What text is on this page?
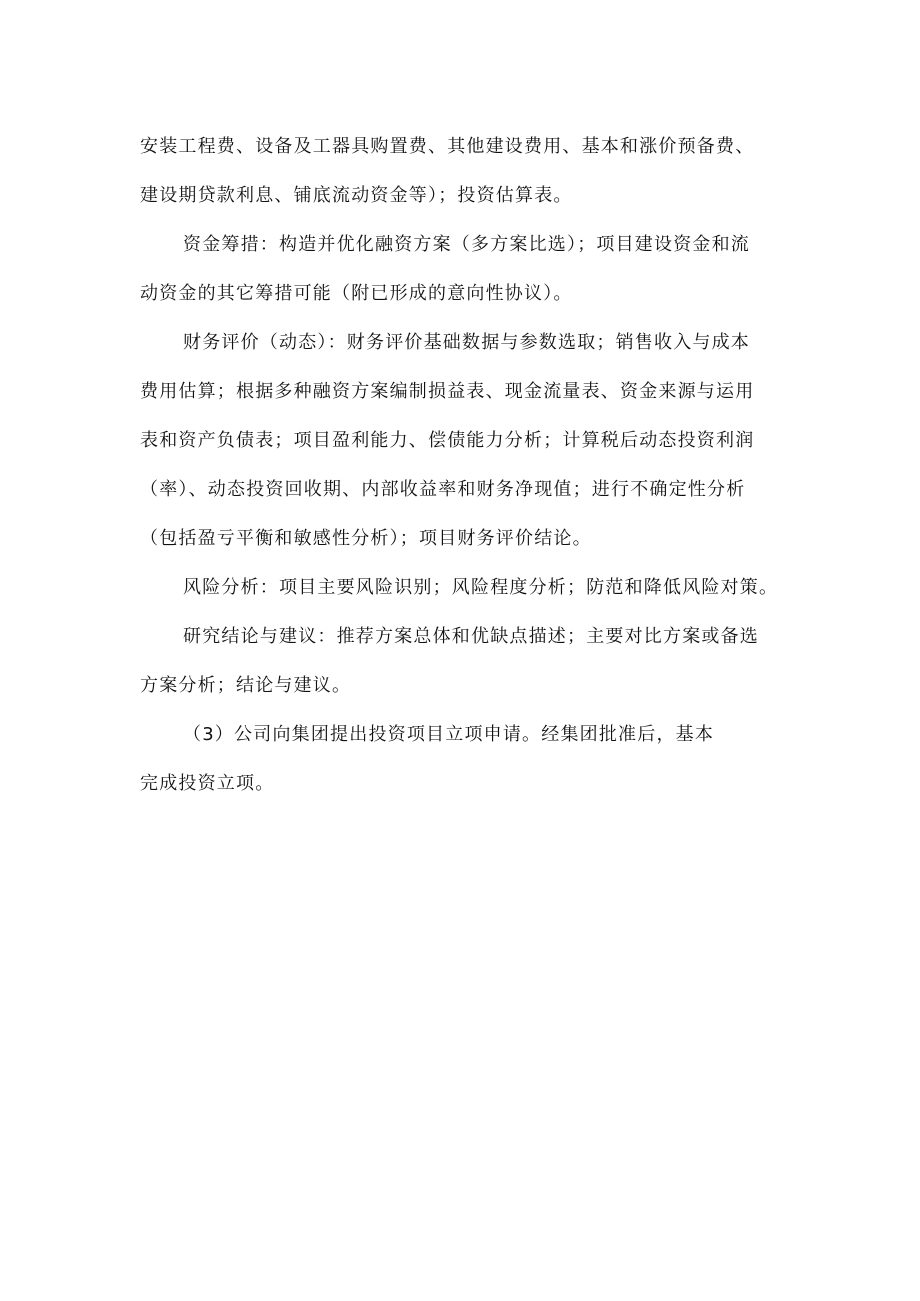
安装工程费、设备及工器具购置费、其他建设费用、基本和涨价预备费、
建设期贷款利息、铺底流动资金等）；投资估算表。
资金筹措：构造并优化融资方案（多方案比选）；项目建设资金和流
动资金的其它筹措可能（附已形成的意向性协议）。
财务评价（动态）：财务评价基础数据与参数选取；销售收入与成本
费用估算；根据多种融资方案编制损益表、现金流量表、资金来源与运用
表和资产负债表；项目盈利能力、偿债能力分析；计算税后动态投资利润
（率）、动态投资回收期、内部收益率和财务净现值；进行不确定性分析
（包括盈亏平衡和敏感性分析）；项目财务评价结论。
风险分析：项目主要风险识别；风险程度分析；防范和降低风险对策。
研究结论与建议：推荐方案总体和优缺点描述；主要对比方案或备选
方案分析；结论与建议。
（3）公司向集团提出投资项目立项申请。经集团批准后，基本
完成投资立项。
